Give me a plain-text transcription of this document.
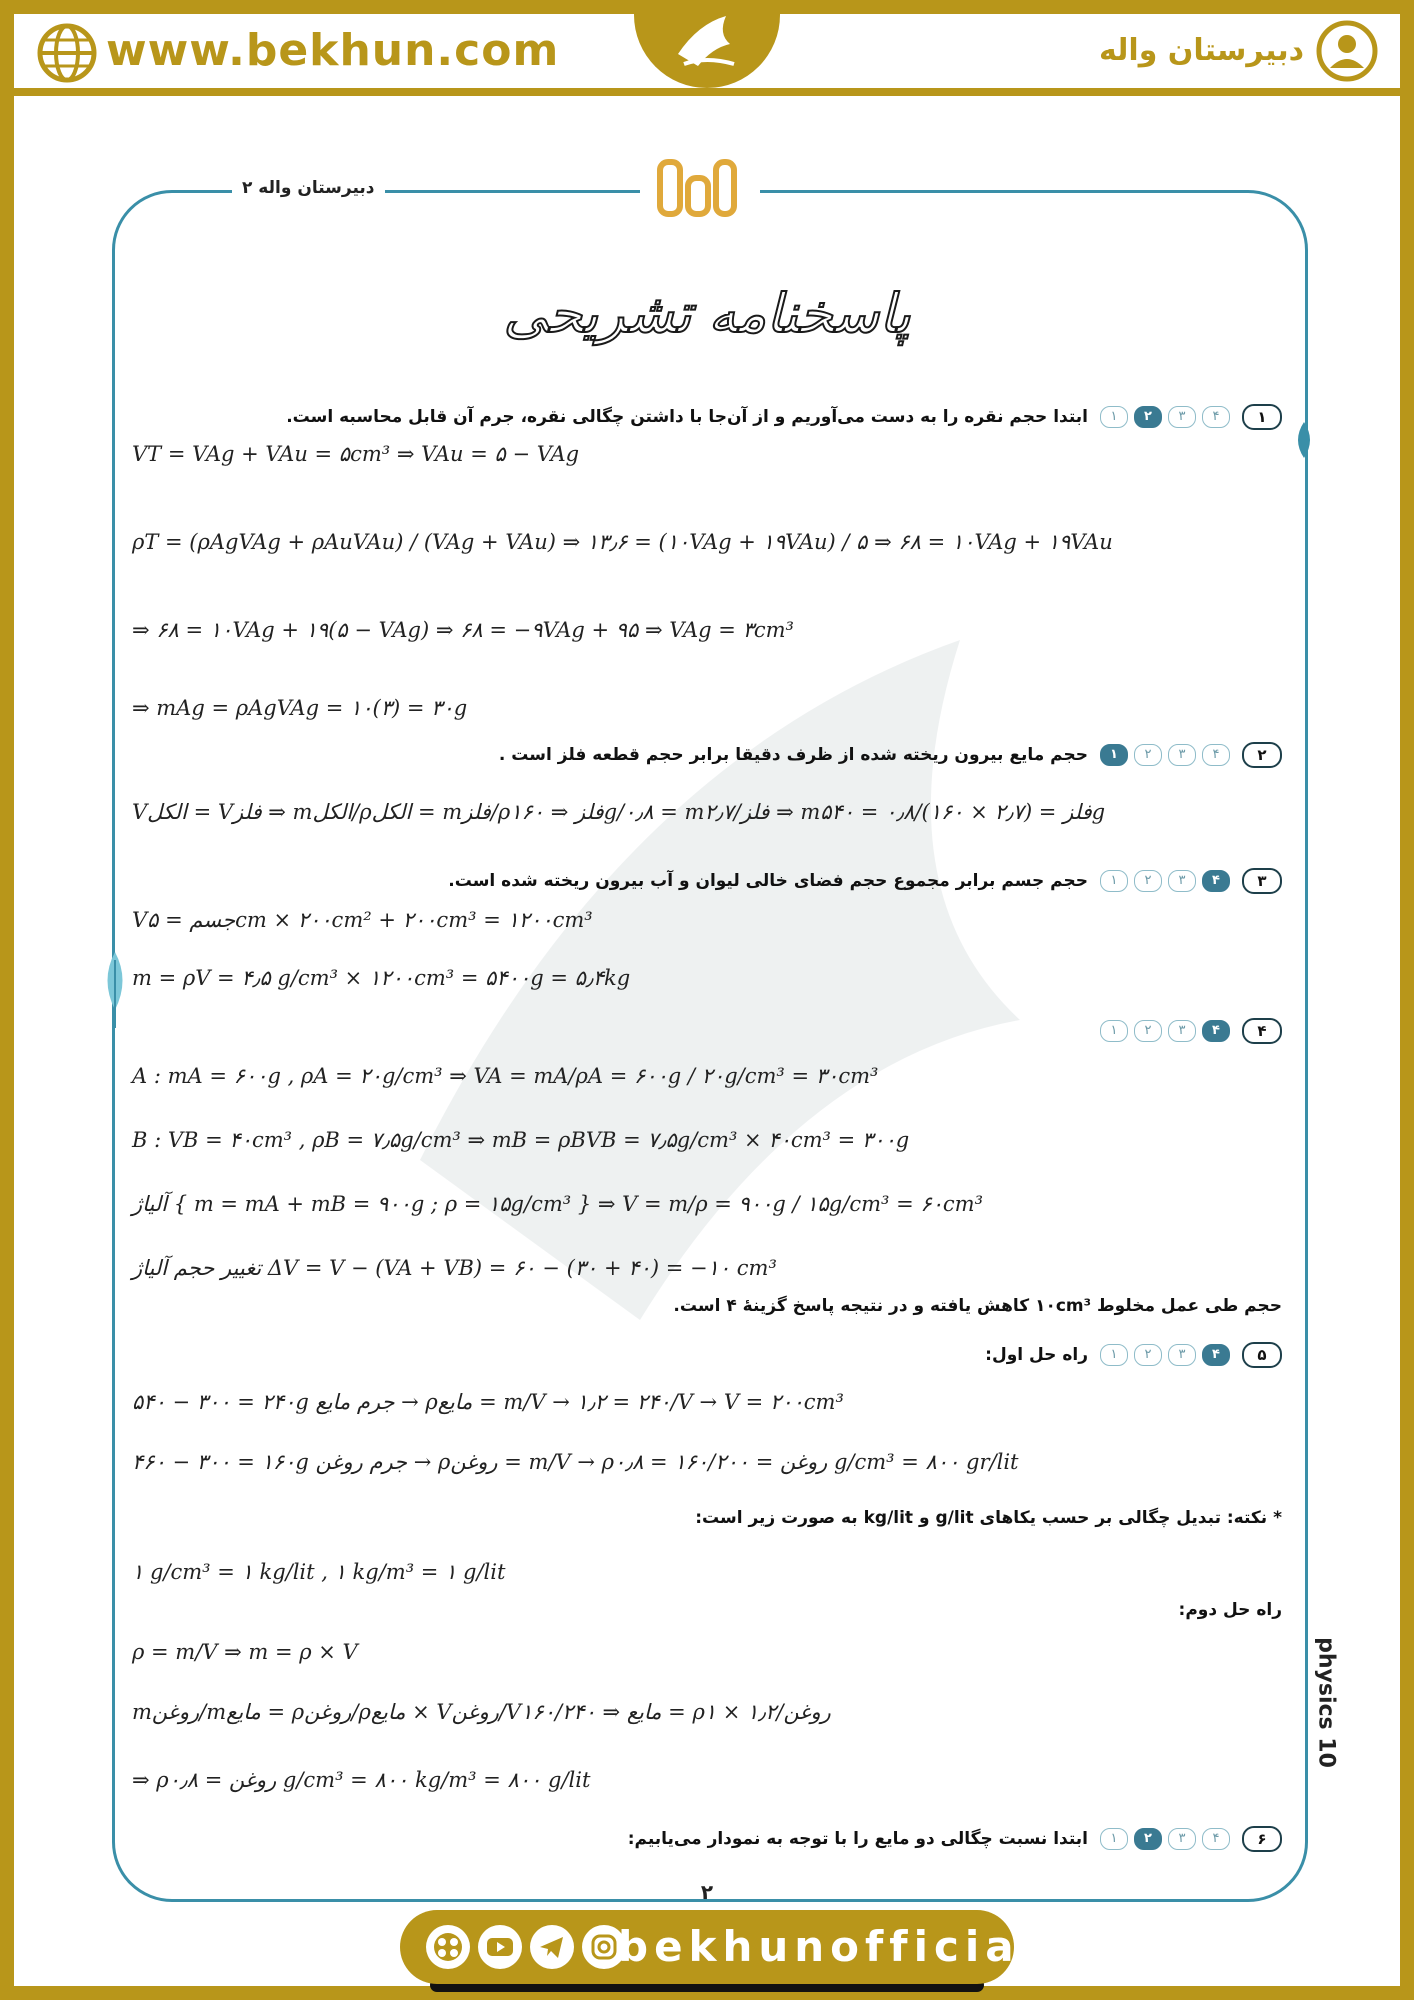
www.bekhun.com	دبیرستان واله
دبیرستان واله ۲
پاسخنامه تشریحی
۱
۴
۳
۲
۱
ابتدا حجم نقره را به دست می‌آوریم و از آن‌جا با داشتن چگالی نقره، جرم آن قابل محاسبه است.
VT = VAg + VAu = ۵cm³ ⇒ VAu = ۵ − VAg
ρT = (ρAgVAg + ρAuVAu) / (VAg + VAu) ⇒ ۱۳٫۶ = (۱۰VAg + ۱۹VAu) / ۵ ⇒ ۶۸ = ۱۰VAg + ۱۹VAu
⇒ ۶۸ = ۱۰VAg + ۱۹(۵ − VAg) ⇒ ۶۸ = −۹VAg + ۹۵ ⇒ VAg = ۳cm³
⇒ mAg = ρAgVAg = ۱۰(۳) = ۳۰g
۲
۴
۳
۲
۱
حجم مایع بیرون ریخته شده از ظرف دقیقا برابر حجم قطعه فلز است .
Vالکل = Vفلز ⇒ mالکل/ρالکل = mفلز/ρفلز ⇒ ۱۶۰g/۰٫۸ = mفلز/۲٫۷ ⇒ mفلز = (۲٫۷ × ۱۶۰)/۰٫۸ = ۵۴۰g
۳
۴
۳
۲
۱
حجم جسم برابر مجموع حجم فضای خالی لیوان و آب بیرون ریخته شده است.
Vجسم = ۵cm × ۲۰۰cm² + ۲۰۰cm³ = ۱۲۰۰cm³
m = ρV = ۴٫۵ g/cm³ × ۱۲۰۰cm³ = ۵۴۰۰g = ۵٫۴kg
۴
۴
۳
۲
۱
A : mA = ۶۰۰g , ρA = ۲۰g/cm³ ⇒ VA = mA/ρA = ۶۰۰g / ۲۰g/cm³ = ۳۰cm³
B : VB = ۴۰cm³ , ρB = ۷٫۵g/cm³ ⇒ mB = ρBVB = ۷٫۵g/cm³ × ۴۰cm³ = ۳۰۰g
آلیاژ { m = mA + mB = ۹۰۰g ; ρ = ۱۵g/cm³ } ⇒ V = m/ρ = ۹۰۰g / ۱۵g/cm³ = ۶۰cm³
تغییر حجم آلیاژ ΔV = V − (VA + VB) = ۶۰ − (۳۰ + ۴۰) = −۱۰ cm³
حجم طی عمل مخلوط ۱۰cm³ کاهش یافته و در نتیجه پاسخ گزینهٔ ۴ است.
۵
۴
۳
۲
۱
راه حل اول:
۵۴۰ − ۳۰۰ = ۲۴۰g جرم مایع → ρمایع = m/V → ۱٫۲ = ۲۴۰/V → V = ۲۰۰cm³
۴۶۰ − ۳۰۰ = ۱۶۰g جرم روغن → ρروغن = m/V → ρروغن = ۱۶۰/۲۰۰ = ۰٫۸ g/cm³ = ۸۰۰ gr/lit
* نکته: تبدیل چگالی بر حسب یکاهای g/lit و kg/lit به صورت زیر است:
۱ g/cm³ = ۱ kg/lit , ۱ kg/m³ = ۱ g/lit
راه حل دوم:
ρ = m/V ⇒ m = ρ × V
mروغن/mمایع = ρروغن/ρمایع × Vروغن/Vمایع ⇒ ۱۶۰/۲۴۰ = ρروغن/۱٫۲ × ۱
⇒ ρروغن = ۰٫۸ g/cm³ = ۸۰۰ kg/m³ = ۸۰۰ g/lit
۶
۴
۳
۲
۱
ابتدا نسبت چگالی دو مایع را با توجه به نمودار می‌یابیم:
physics 10
۲
bekhunofficial
